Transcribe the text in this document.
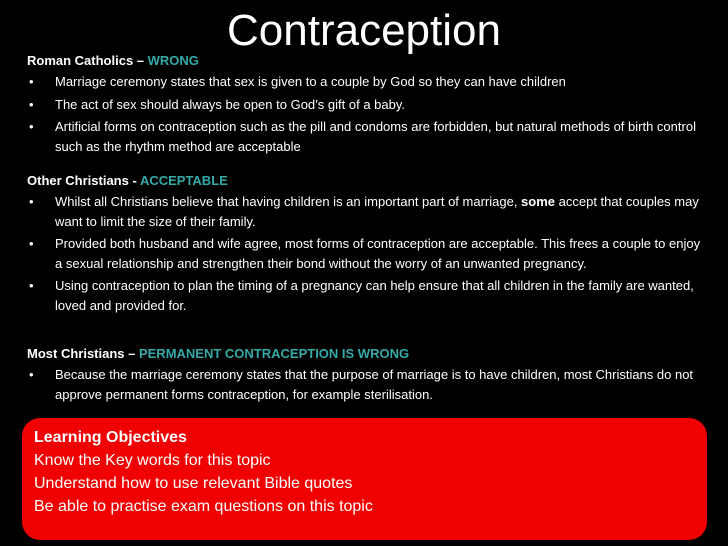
Contraception
Roman Catholics – WRONG
• Marriage ceremony states that sex is given to a couple by God so they can have children
• The act of sex should always be open to God’s gift of a baby.
• Artificial forms on contraception such as the pill and condoms are forbidden, but natural methods of birth control such as the rhythm method are acceptable
Other Christians - ACCEPTABLE
• Whilst all Christians believe that having children is an important part of marriage, some accept that couples may want to limit the size of their family.
• Provided both husband and wife agree, most forms of contraception are acceptable. This frees a couple to enjoy a sexual relationship and strengthen their bond without the worry of an unwanted pregnancy.
• Using contraception to plan the timing of a pregnancy can help ensure that all children in the family are wanted, loved and provided for.
Most Christians – PERMANENT CONTRACEPTION IS WRONG
• Because the marriage ceremony states that the purpose of marriage is to have children, most Christians do not approve permanent forms contraception, for example sterilisation.
Learning Objectives
Know the Key words for this topic
Understand how to use relevant Bible quotes
Be able to practise exam questions on this topic
